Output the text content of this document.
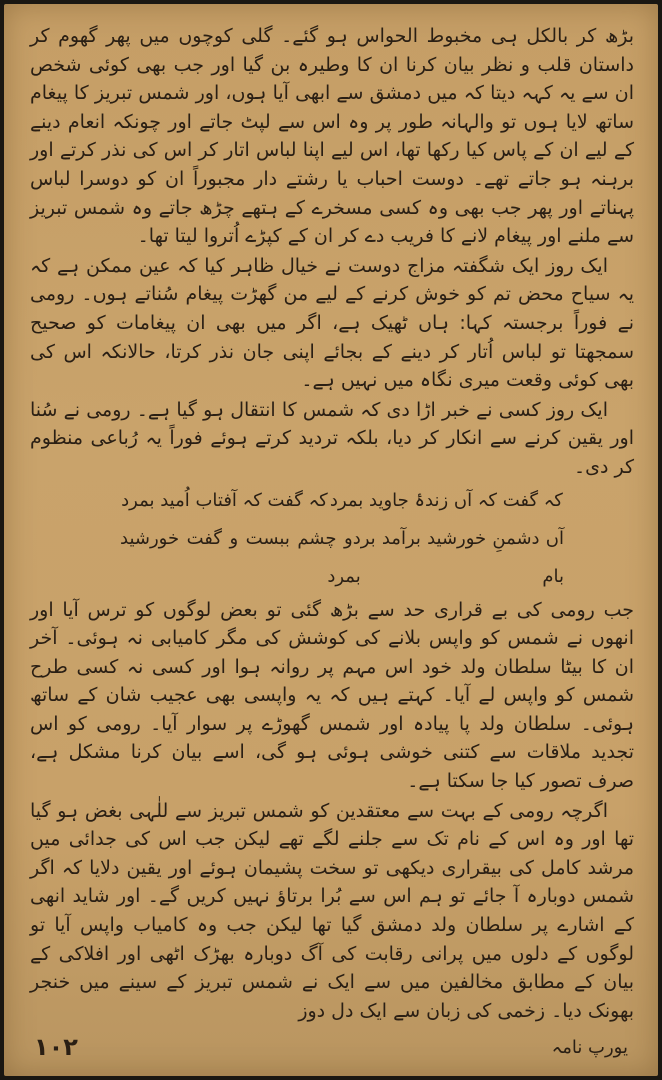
بڑھ کر بالکل ہی مخبوط الحواس ہو گئے۔ گلی کوچوں میں پھر گھوم کر داستان قلب و نظر بیان کرنا ان کا وطیرہ بن گیا اور جب بھی کوئی شخص ان سے یہ کہہ دیتا کہ میں دمشق سے ابھی آیا ہوں، اور شمس تبریز کا پیغام ساتھ لایا ہوں تو والہانہ طور پر وہ اس سے لپٹ جاتے اور چونکہ انعام دینے کے لیے ان کے پاس کیا رکھا تھا، اس لیے اپنا لباس اتار کر اس کی نذر کرتے اور برہنہ ہو جاتے تھے۔ دوست احباب یا رشتے دار مجبوراً ان کو دوسرا لباس پہناتے اور پھر جب بھی وہ کسی مسخرے کے ہتھے چڑھ جاتے وہ شمس تبریز سے ملنے اور پیغام لانے کا فریب دے کر ان کے کپڑے اُتروا لیتا تھا۔

ایک روز ایک شگفتہ مزاج دوست نے خیال ظاہر کیا کہ عین ممکن ہے کہ یہ سیاح محض تم کو خوش کرنے کے لیے من گھڑت پیغام سُناتے ہوں۔ رومی نے فوراً برجستہ کہا: ہاں ٹھیک ہے، اگر میں بھی ان پیغامات کو صحیح سمجھتا تو لباس اُتار کر دینے کے بجائے اپنی جان نذر کرتا، حالانکہ اس کی بھی کوئی وقعت میری نگاہ میں نہیں ہے۔

ایک روز کسی نے خبر اڑا دی کہ شمس کا انتقال ہو گیا ہے۔ رومی نے سُنا اور یقین کرنے سے انکار کر دیا، بلکہ تردید کرتے ہوئے فوراً یہ رُباعی منظوم کر دی۔

کہ گفت کہ آں زندۂ جاوید بمرد
کہ گفت کہ آفتاب اُمید بمرد
آں دشمنِ خورشید برآمد بر بام
دو چشم ببست و گفت خورشید بمرد

جب رومی کی بے قراری حد سے بڑھ گئی تو بعض لوگوں کو ترس آیا اور انھوں نے شمس کو واپس بلانے کی کوشش کی مگر کامیابی نہ ہوئی۔ آخر ان کا بیٹا سلطان ولد خود اس مہم پر روانہ ہوا اور کسی نہ کسی طرح شمس کو واپس لے آیا۔ کہتے ہیں کہ یہ واپسی بھی عجیب شان کے ساتھ ہوئی۔ سلطان ولد پا پیادہ اور شمس گھوڑے پر سوار آیا۔ رومی کو اس تجدید ملاقات سے کتنی خوشی ہوئی ہو گی، اسے بیان کرنا مشکل ہے، صرف تصور کیا جا سکتا ہے۔

اگرچہ رومی کے بہت سے معتقدین کو شمس تبریز سے للٰہی بغض ہو گیا تھا اور وہ اس کے نام تک سے جلنے لگے تھے لیکن جب اس کی جدائی میں مرشد کامل کی بیقراری دیکھی تو سخت پشیمان ہوئے اور یقین دلایا کہ اگر شمس دوبارہ آ جائے تو ہم اس سے بُرا برتاؤ نہیں کریں گے۔ اور شاید انھی کے اشارے پر سلطان ولد دمشق گیا تھا لیکن جب وہ کامیاب واپس آیا تو لوگوں کے دلوں میں پرانی رقابت کی آگ دوبارہ بھڑک اٹھی اور افلاکی کے بیان کے مطابق مخالفین میں سے ایک نے شمس تبریز کے سینے میں خنجر بھونک دیا۔ زخمی کی زبان سے ایک دل دوز

۱۰۲	یورپ نامہ
